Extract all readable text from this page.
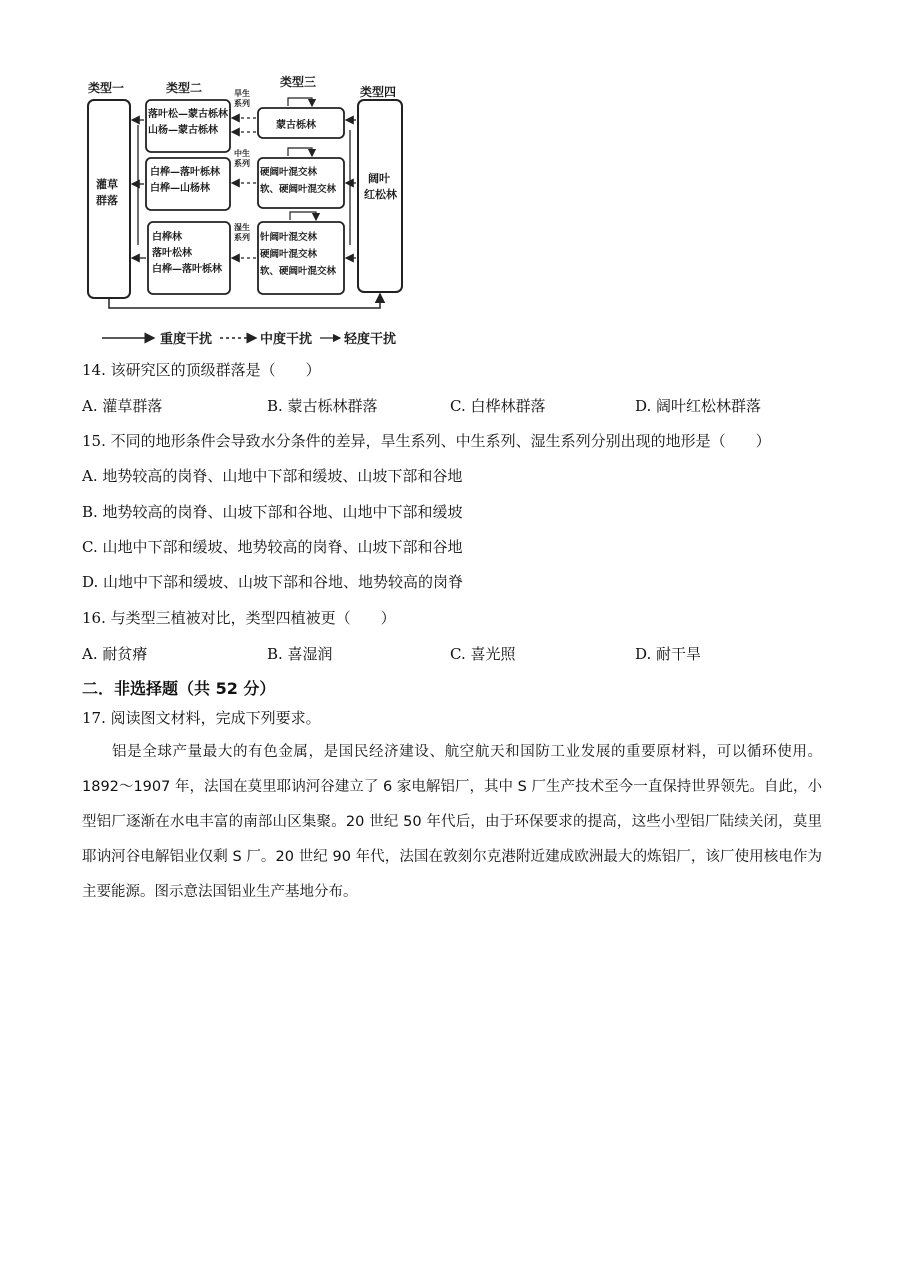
类型一	类型二	类型三
类型四
灌草
群落
阔叶
红松林
落叶松—蒙古栎林
山杨—蒙古栎林
白桦—落叶栎林
白桦—山杨林
白桦林
落叶松林
白桦—落叶栎林
蒙古栎林
硬阔叶混交林
软、硬阔叶混交林
针阔叶混交林
硬阔叶混交林
软、硬阔叶混交林
旱生
系列
中生
系列
湿生
系列
重度干扰	中度干扰 轻度干扰
14. 该研究区的顶级群落是（　　）
A. 灌草群落	B. 蒙古栎林群落	C. 白桦林群落	D. 阔叶红松林群落
15. 不同的地形条件会导致水分条件的差异，旱生系列、中生系列、湿生系列分别出现的地形是（　　）
A. 地势较高的岗脊、山地中下部和缓坡、山坡下部和谷地
B. 地势较高的岗脊、山坡下部和谷地、山地中下部和缓坡
C. 山地中下部和缓坡、地势较高的岗脊、山坡下部和谷地
D. 山地中下部和缓坡、山坡下部和谷地、地势较高的岗脊
16. 与类型三植被对比，类型四植被更（　　）
A. 耐贫瘠	B. 喜湿润	C. 喜光照	D. 耐干旱
二．非选择题（共 52 分）
17. 阅读图文材料，完成下列要求。
铝是全球产量最大的有色金属，是国民经济建设、航空航天和国防工业发展的重要原材料，可以循环使用。1892～1907 年，法国在莫里耶讷河谷建立了 6 家电解铝厂，其中 S 厂生产技术至今一直保持世界领先。自此，小型铝厂逐渐在水电丰富的南部山区集聚。20 世纪 50 年代后，由于环保要求的提高，这些小型铝厂陆续关闭，莫里耶讷河谷电解铝业仅剩 S 厂。20 世纪 90 年代，法国在敦刻尔克港附近建成欧洲最大的炼铝厂，该厂使用核电作为主要能源。图示意法国铝业生产基地分布。
